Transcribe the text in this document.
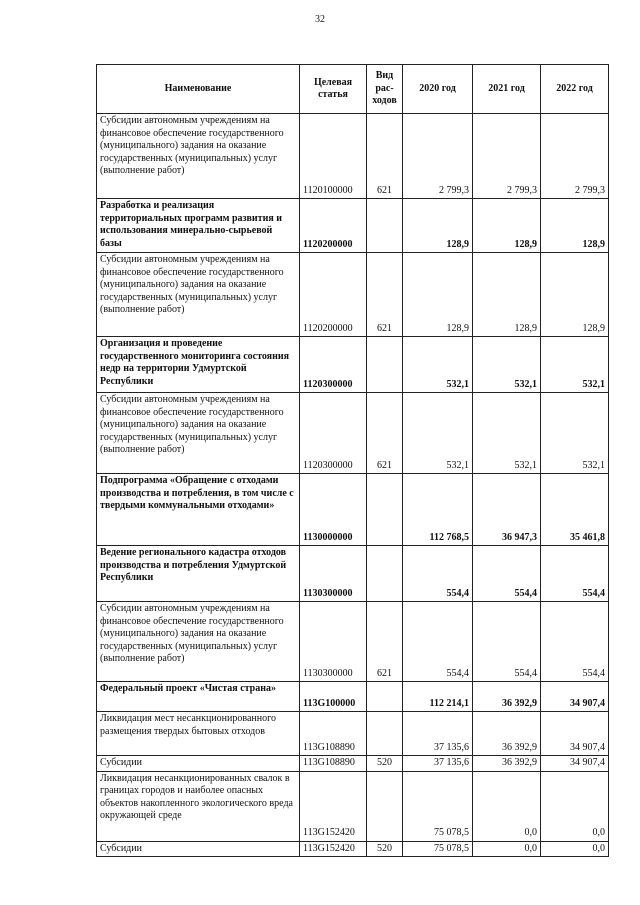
32
Наименование	Целевая статья	Вид рас-ходов	2020 год	2021 год	2022 год
Субсидии автономным учреждениям на финансовое обеспечение государственного (муниципального) задания на оказание государственных (муниципальных) услуг (выполнение работ)	1120100000	621	2 799,3	2 799,3	2 799,3
Разработка и реализация территориальных программ развития и использования минерально-сырьевой базы	1120200000		128,9	128,9	128,9
Субсидии автономным учреждениям на финансовое обеспечение государственного (муниципального) задания на оказание государственных (муниципальных) услуг (выполнение работ)	1120200000	621	128,9	128,9	128,9
Организация и проведение государственного мониторинга состояния недр на территории Удмуртской Республики	1120300000		532,1	532,1	532,1
Субсидии автономным учреждениям на финансовое обеспечение государственного (муниципального) задания на оказание государственных (муниципальных) услуг (выполнение работ)	1120300000	621	532,1	532,1	532,1
Подпрограмма «Обращение с отходами производства и потребления, в том числе с твердыми коммунальными отходами»	1130000000		112 768,5	36 947,3	35 461,8
Ведение регионального кадастра отходов производства и потребления Удмуртской Республики	1130300000		554,4	554,4	554,4
Субсидии автономным учреждениям на финансовое обеспечение государственного (муниципального) задания на оказание государственных (муниципальных) услуг (выполнение работ)	1130300000	621	554,4	554,4	554,4
Федеральный проект «Чистая страна»	113G100000		112 214,1	36 392,9	34 907,4
Ликвидация мест несанкционированного размещения твердых бытовых отходов	113G108890		37 135,6	36 392,9	34 907,4
Субсидии	113G108890	520	37 135,6	36 392,9	34 907,4
Ликвидация несанкционированных свалок в границах городов и наиболее опасных объектов накопленного экологического вреда окружающей среде	113G152420		75 078,5	0,0	0,0
Субсидии	113G152420	520	75 078,5	0,0	0,0
